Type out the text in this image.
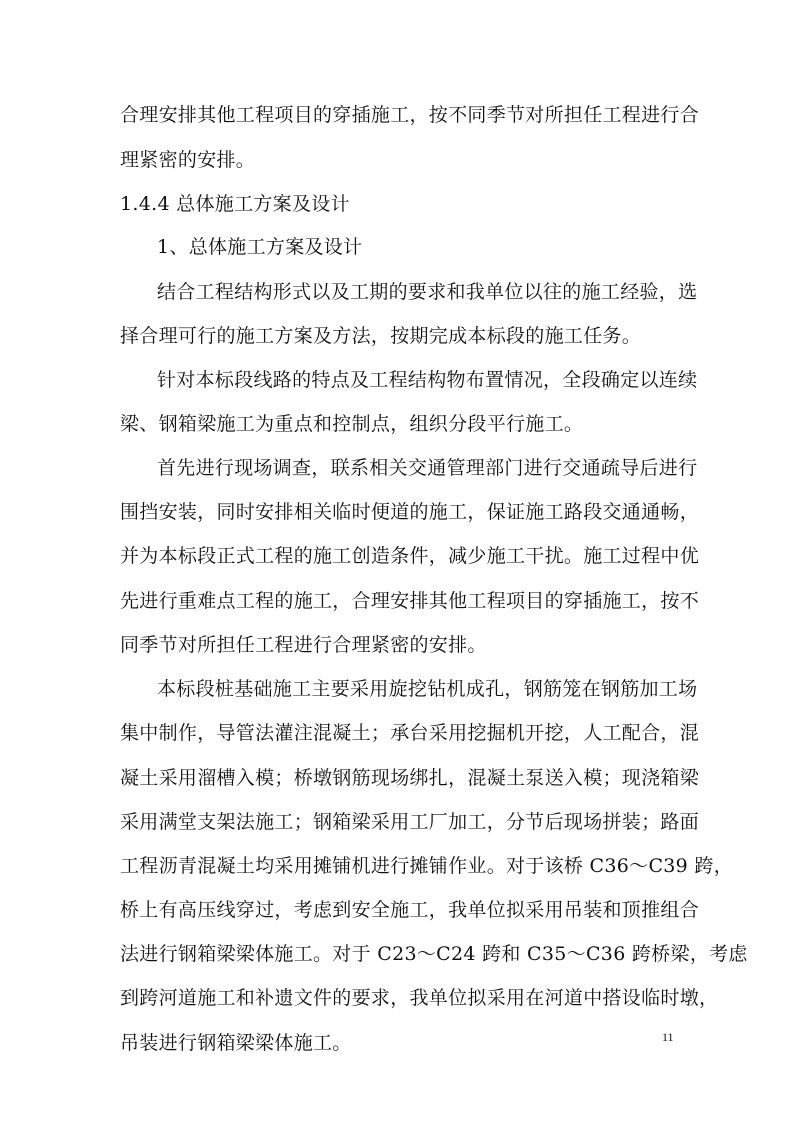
合理安排其他工程项目的穿插施工，按不同季节对所担任工程进行合
理紧密的安排。
1.4.4 总体施工方案及设计
1、总体施工方案及设计
结合工程结构形式以及工期的要求和我单位以往的施工经验，选
择合理可行的施工方案及方法，按期完成本标段的施工任务。
针对本标段线路的特点及工程结构物布置情况，全段确定以连续
梁、钢箱梁施工为重点和控制点，组织分段平行施工。
首先进行现场调查，联系相关交通管理部门进行交通疏导后进行
围挡安装，同时安排相关临时便道的施工，保证施工路段交通通畅，
并为本标段正式工程的施工创造条件，减少施工干扰。施工过程中优
先进行重难点工程的施工，合理安排其他工程项目的穿插施工，按不
同季节对所担任工程进行合理紧密的安排。
本标段桩基础施工主要采用旋挖钻机成孔，钢筋笼在钢筋加工场
集中制作，导管法灌注混凝土；承台采用挖掘机开挖，人工配合，混
凝土采用溜槽入模；桥墩钢筋现场绑扎，混凝土泵送入模；现浇箱梁
采用满堂支架法施工；钢箱梁采用工厂加工，分节后现场拼装；路面
工程沥青混凝土均采用摊铺机进行摊铺作业。对于该桥 C36～C39 跨，
桥上有高压线穿过，考虑到安全施工，我单位拟采用吊装和顶推组合
法进行钢箱梁梁体施工。对于 C23～C24 跨和 C35～C36 跨桥梁，考虑
到跨河道施工和补遗文件的要求，我单位拟采用在河道中搭设临时墩，
吊装进行钢箱梁梁体施工。	11
